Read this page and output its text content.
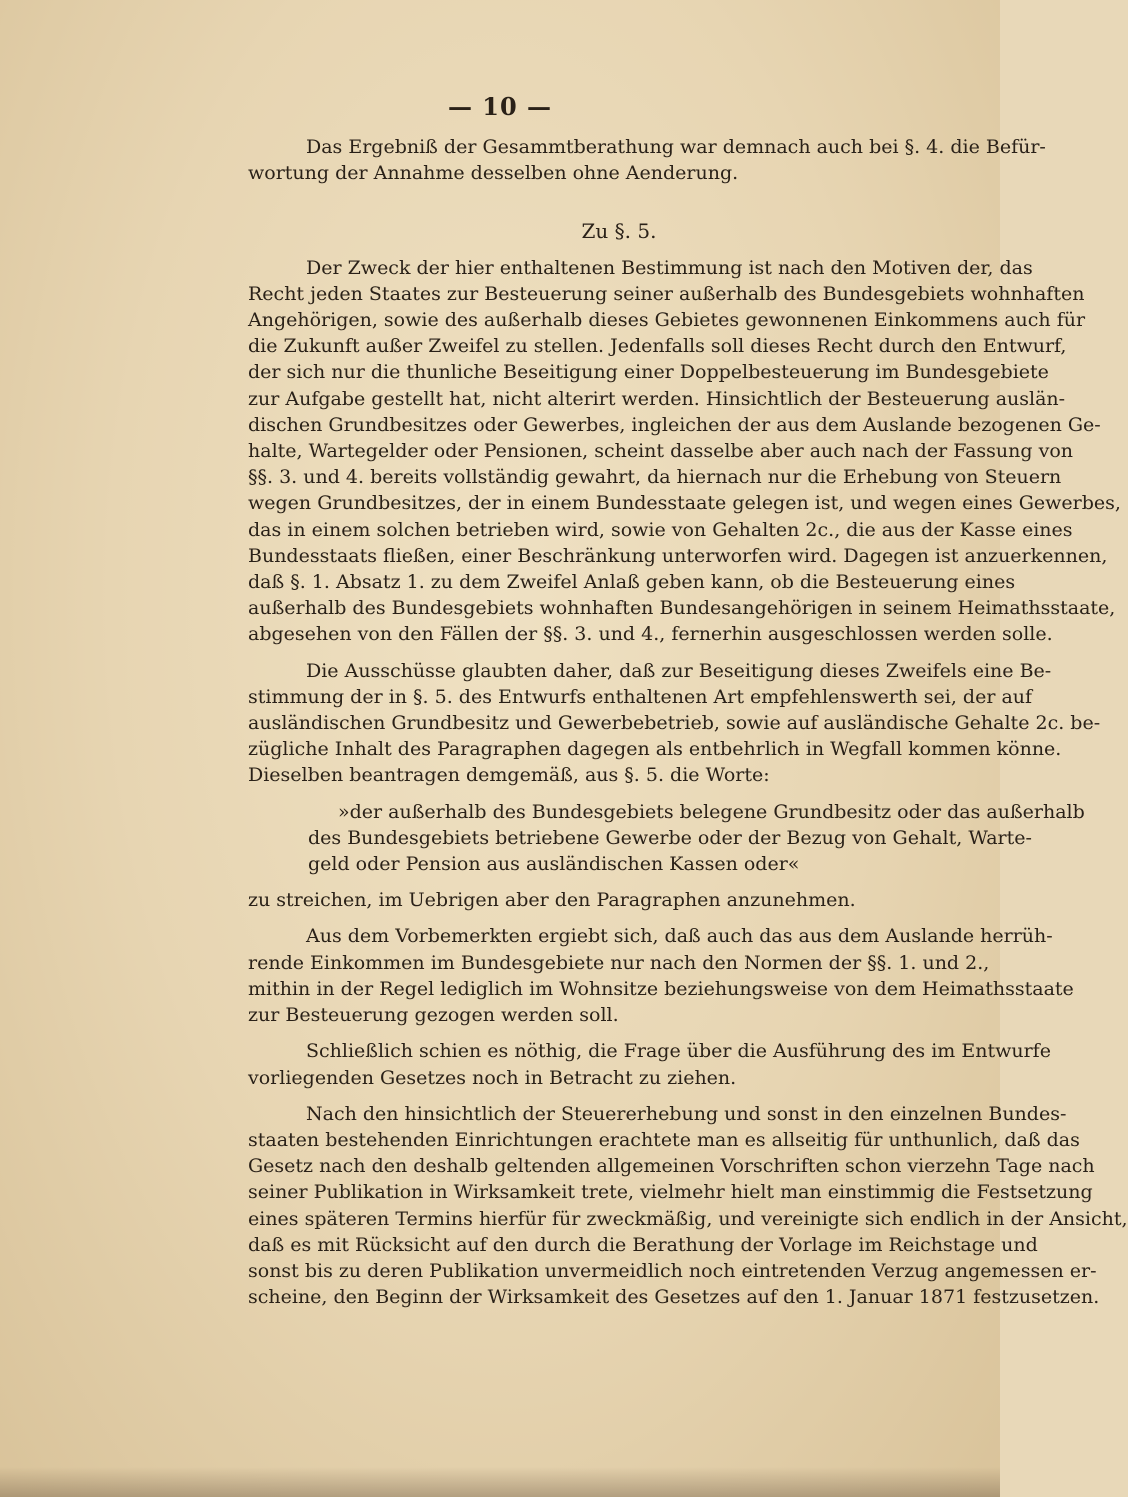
— 10 —
Das Ergebniß der Gesammtberathung war demnach auch bei §. 4. die Befür-
wortung der Annahme desselben ohne Aenderung.
Zu §. 5.
Der Zweck der hier enthaltenen Bestimmung ist nach den Motiven der, das
Recht jeden Staates zur Besteuerung seiner außerhalb des Bundesgebiets wohnhaften
Angehörigen, sowie des außerhalb dieses Gebietes gewonnenen Einkommens auch für
die Zukunft außer Zweifel zu stellen. Jedenfalls soll dieses Recht durch den Entwurf,
der sich nur die thunliche Beseitigung einer Doppelbesteuerung im Bundesgebiete
zur Aufgabe gestellt hat, nicht alterirt werden. Hinsichtlich der Besteuerung auslän-
dischen Grundbesitzes oder Gewerbes, ingleichen der aus dem Auslande bezogenen Ge-
halte, Wartegelder oder Pensionen, scheint dasselbe aber auch nach der Fassung von
§§. 3. und 4. bereits vollständig gewahrt, da hiernach nur die Erhebung von Steuern
wegen Grundbesitzes, der in einem Bundesstaate gelegen ist, und wegen eines Gewerbes,
das in einem solchen betrieben wird, sowie von Gehalten 2c., die aus der Kasse eines
Bundesstaats fließen, einer Beschränkung unterworfen wird. Dagegen ist anzuerkennen,
daß §. 1. Absatz 1. zu dem Zweifel Anlaß geben kann, ob die Besteuerung eines
außerhalb des Bundesgebiets wohnhaften Bundesangehörigen in seinem Heimathsstaate,
abgesehen von den Fällen der §§. 3. und 4., fernerhin ausgeschlossen werden solle.
Die Ausschüsse glaubten daher, daß zur Beseitigung dieses Zweifels eine Be-
stimmung der in §. 5. des Entwurfs enthaltenen Art empfehlenswerth sei, der auf
ausländischen Grundbesitz und Gewerbebetrieb, sowie auf ausländische Gehalte 2c. be-
zügliche Inhalt des Paragraphen dagegen als entbehrlich in Wegfall kommen könne.
Dieselben beantragen demgemäß, aus §. 5. die Worte:
»der außerhalb des Bundesgebiets belegene Grundbesitz oder das außerhalb
des Bundesgebiets betriebene Gewerbe oder der Bezug von Gehalt, Warte-
geld oder Pension aus ausländischen Kassen oder«
zu streichen, im Uebrigen aber den Paragraphen anzunehmen.
Aus dem Vorbemerkten ergiebt sich, daß auch das aus dem Auslande herrüh-
rende Einkommen im Bundesgebiete nur nach den Normen der §§. 1. und 2.,
mithin in der Regel lediglich im Wohnsitze beziehungsweise von dem Heimathsstaate
zur Besteuerung gezogen werden soll.
Schließlich schien es nöthig, die Frage über die Ausführung des im Entwurfe
vorliegenden Gesetzes noch in Betracht zu ziehen.
Nach den hinsichtlich der Steuererhebung und sonst in den einzelnen Bundes-
staaten bestehenden Einrichtungen erachtete man es allseitig für unthunlich, daß das
Gesetz nach den deshalb geltenden allgemeinen Vorschriften schon vierzehn Tage nach
seiner Publikation in Wirksamkeit trete, vielmehr hielt man einstimmig die Festsetzung
eines späteren Termins hierfür für zweckmäßig, und vereinigte sich endlich in der Ansicht,
daß es mit Rücksicht auf den durch die Berathung der Vorlage im Reichstage und
sonst bis zu deren Publikation unvermeidlich noch eintretenden Verzug angemessen er-
scheine, den Beginn der Wirksamkeit des Gesetzes auf den 1. Januar 1871 festzusetzen.
